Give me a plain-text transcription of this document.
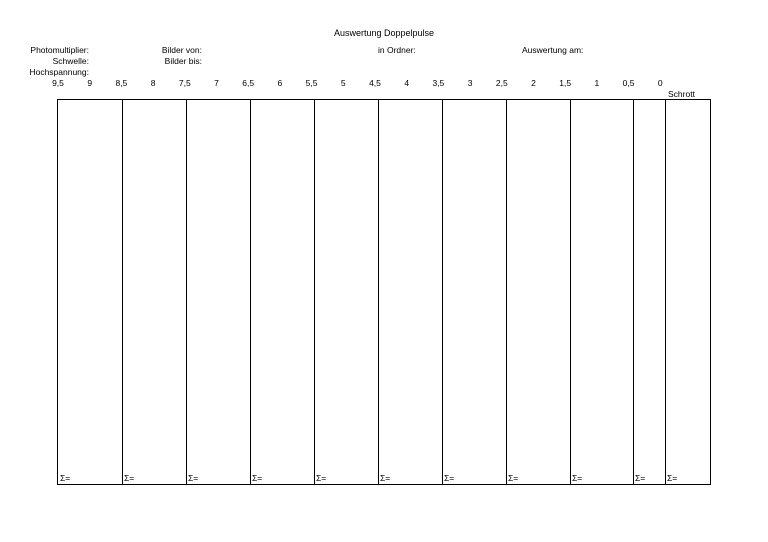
Auswertung Doppelpulse
Photomultiplier:
Schwelle:
Hochspannung:
Bilder von:
Bilder bis:
in Ordner:	Auswertung am:
9,5	9	8,5	8	7,5	7	6,5	6	5,5	5	4,5	4	3,5	3	2,5	2	1,5	1	0,5	0
Schrott
Σ=	Σ=	Σ=	Σ=	Σ=	Σ=	Σ=	Σ=	Σ=	Σ=	Σ=
